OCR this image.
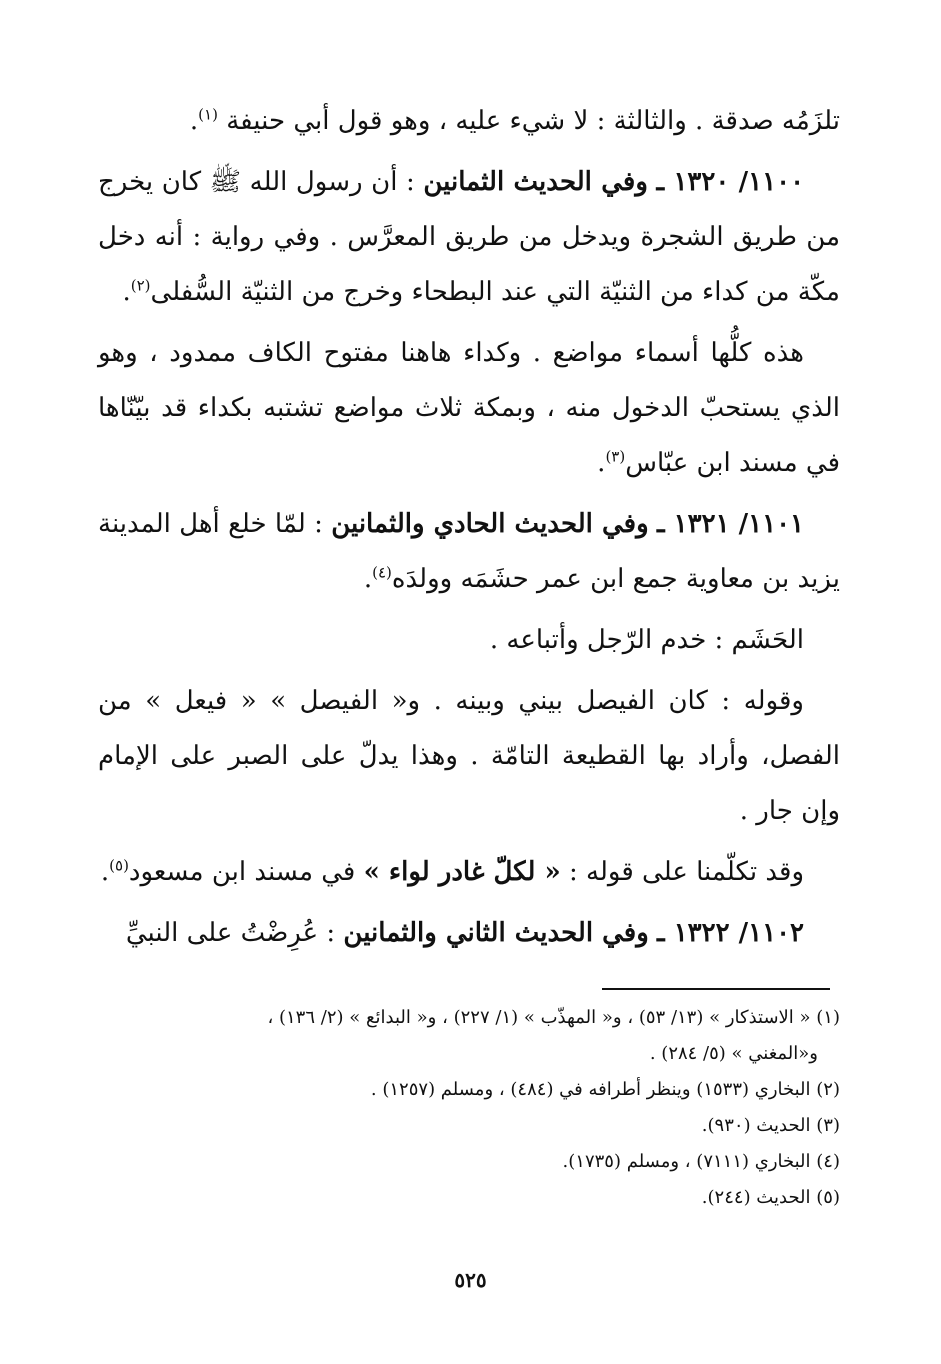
تلزَمُه صدقة . والثالثة : لا شيء عليه ، وهو قول أبي حنيفة $^{(١)}$.

١١٠٠/ ١٣٢٠ ـ وفي الحديث الثمانين : أن رسول الله ﷺ كان يخرج من طريق الشجرة ويدخل من طريق المعرَّس . وفي رواية : أنه دخل مكّة من كداء من الثنيّة التي عند البطحاء وخرج من الثنيّة السُّفلى$^{(٢)}$.

هذه كلُّها أسماء مواضع . وكداء هاهنا مفتوح الكاف ممدود ، وهو الذي يستحبّ الدخول منه ، وبمكة ثلاث مواضع تشتبه بكداء قد بيّنّاها في مسند ابن عبّاس$^{(٣)}$.

١١٠١/ ١٣٢١ ـ وفي الحديث الحادي والثمانين : لمّا خلع أهل المدينة يزيد بن معاوية جمع ابن عمر حشَمَه وولدَه$^{(٤)}$.

الحَشَم : خدم الرّجل وأتباعه .

وقوله : كان الفيصل بيني وبينه . و« الفيصل » « فيعل » من الفصل، وأراد بها القطيعة التامّة . وهذا يدلّ على الصبر على الإمام وإن جار .

وقد تكلّمنا على قوله : « لكلّ غادر لواء » في مسند ابن مسعود$^{(٥)}$.

١١٠٢/ ١٣٢٢ ـ وفي الحديث الثاني والثمانين : عُرِضْتُ على النبيِّ

(١) « الاستذكار » (١٣/ ٥٣) ، و« المهذّب » (١/ ٢٢٧) ، و« البدائع » (٢/ ١٣٦) ،

و«المغني » (٥/ ٢٨٤) .

(٢) البخاري (١٥٣٣) وينظر أطرافه في (٤٨٤) ، ومسلم (١٢٥٧) .

(٣) الحديث (٩٣٠).

(٤) البخاري (٧١١١) ، ومسلم (١٧٣٥).

(٥) الحديث (٢٤٤).

٥٢٥
